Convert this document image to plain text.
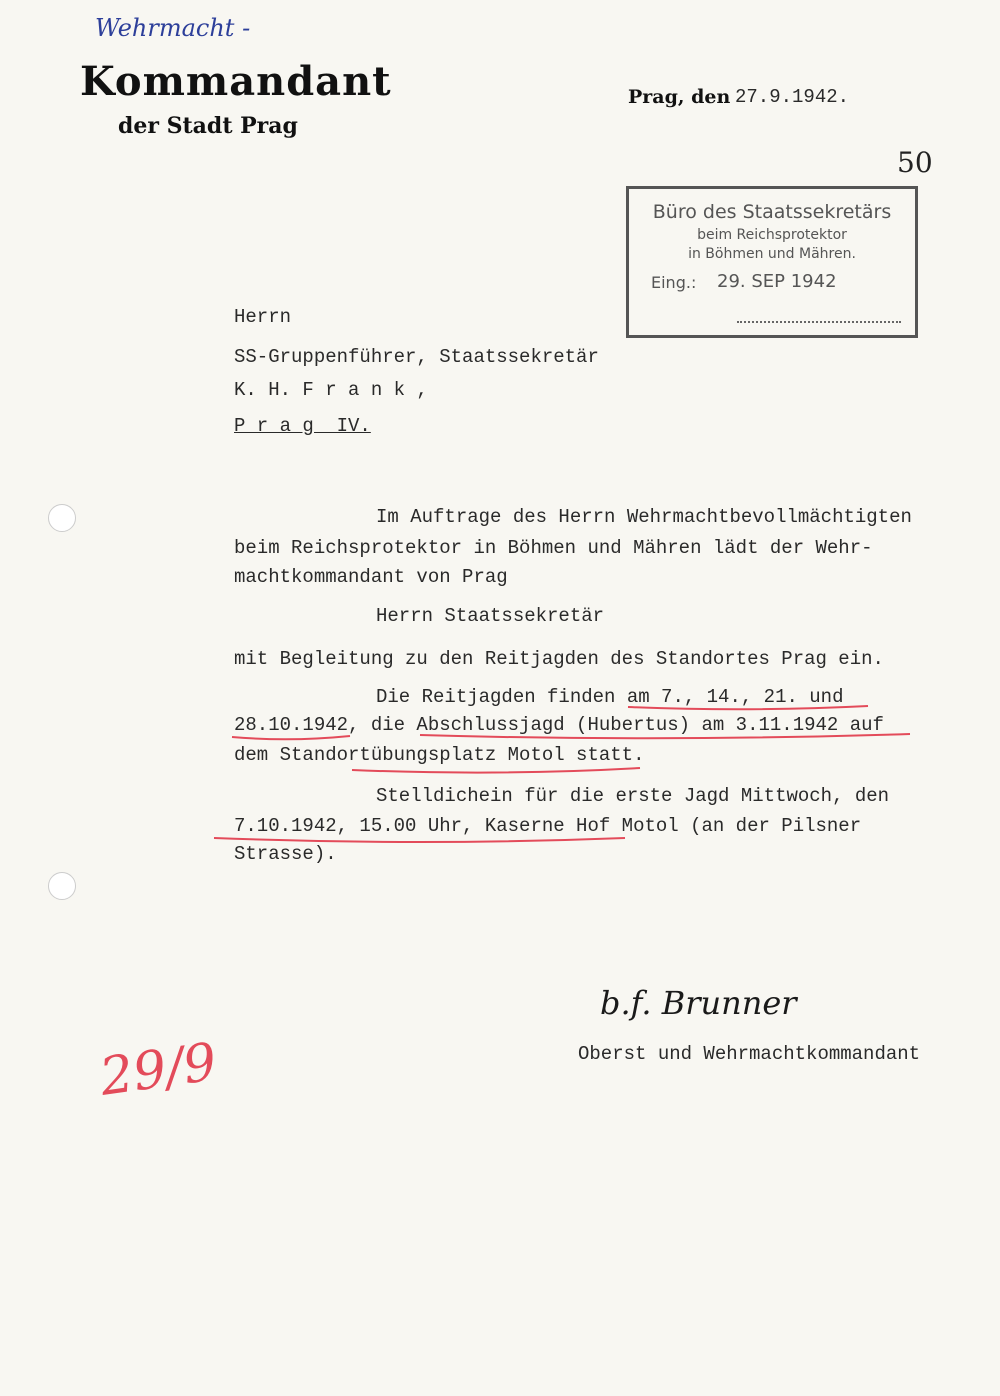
Wehrmacht -
Kommandant
der Stadt Prag
Prag, den 27.9.1942.
50
Büro des Staatssekretärs
beim Reichsprotektor
in Böhmen und Mähren.
Eing.: 29. SEP 1942
Herrn
SS-Gruppenführer, Staatssekretär
K. H. F r a n k ,
P r a g  IV.
Im Auftrage des Herrn Wehrmachtbevollmächtigten
beim Reichsprotektor in Böhmen und Mähren lädt der Wehr-
machtkommandant von Prag
Herrn Staatssekretär
mit Begleitung zu den Reitjagden des Standortes Prag ein.
Die Reitjagden finden am 7., 14., 21. und
28.10.1942, die Abschlussjagd (Hubertus) am 3.11.1942 auf
dem Standortübungsplatz Motol statt.
Stelldichein für die erste Jagd Mittwoch, den
7.10.1942, 15.00 Uhr, Kaserne Hof Motol (an der Pilsner
Strasse).
b.f. Brunner
Oberst und Wehrmachtkommandant
29/9
